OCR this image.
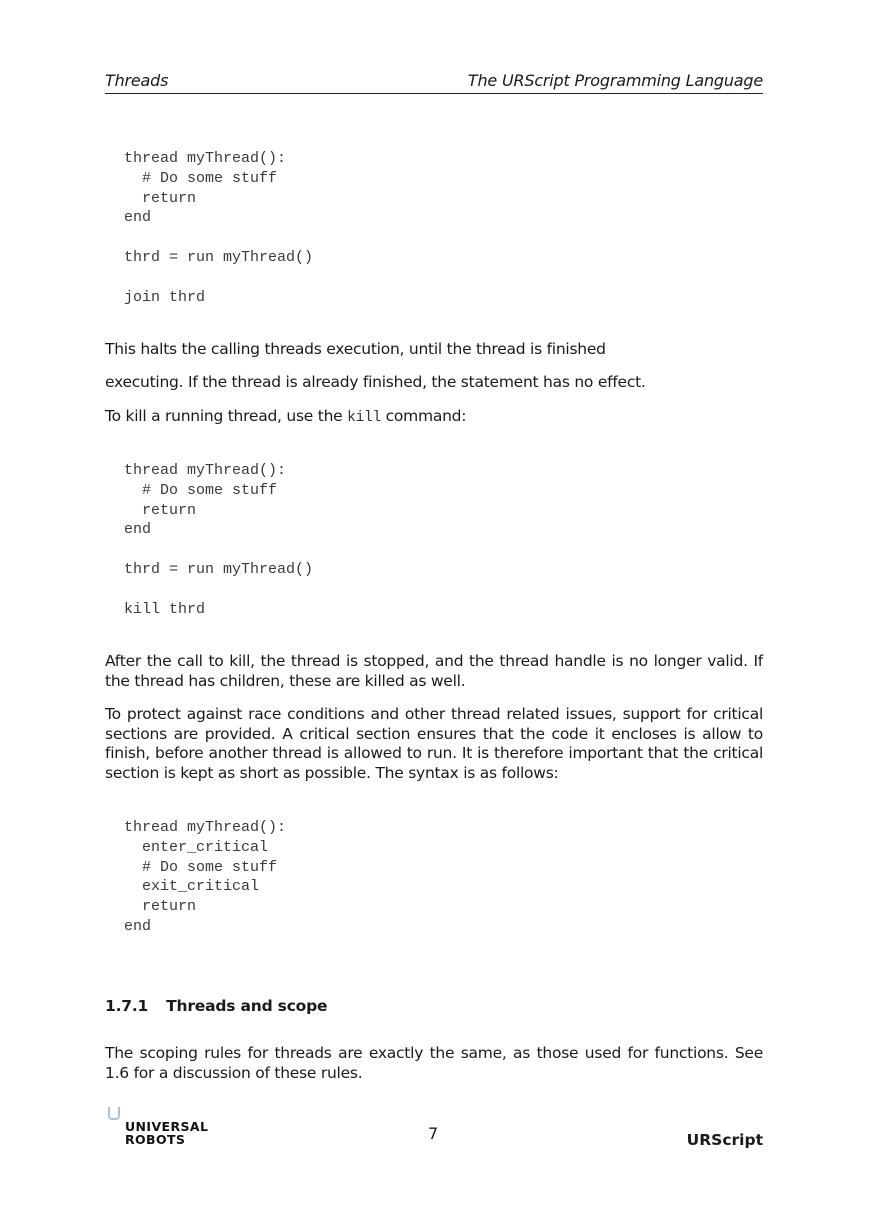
Threads	The URScript Programming Language
thread myThread():
# Do some stuff
return
end

thrd = run myThread()

join thrd

This halts the calling threads execution, until the thread is finished

executing. If the thread is already finished, the statement has no effect.

To kill a running thread, use the kill command:

thread myThread():
# Do some stuff
return
end

thrd = run myThread()

kill thrd

After the call to kill, the thread is stopped, and the thread handle is no longer valid. If the thread has children, these are killed as well.

To protect against race conditions and other thread related issues, support for critical sections are provided. A critical section ensures that the code it encloses is allow to finish, before another thread is allowed to run. It is therefore important that the critical section is kept as short as possible. The syntax is as follows:

thread myThread():
enter_critical
# Do some stuff
exit_critical
return
end
1.7.1 Threads and scope

The scoping rules for threads are exactly the same, as those used for functions. See 1.6 for a discussion of these rules.

UNIVERSAL
ROBOTS	7	URScript
